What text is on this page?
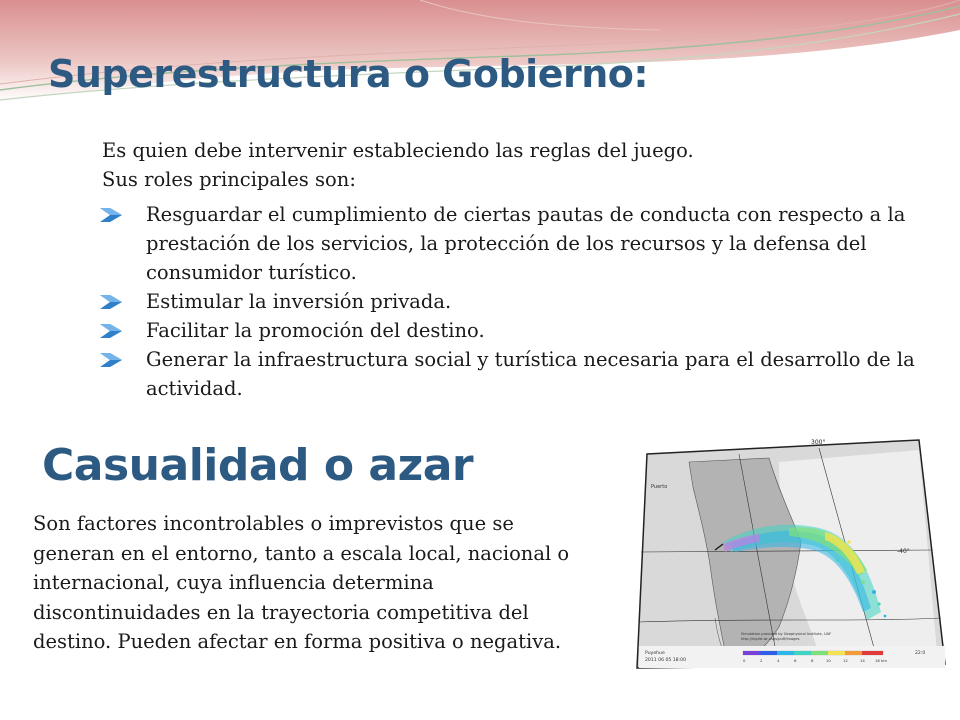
Superestructura o Gobierno:

Es quien debe intervenir estableciendo las reglas del juego.

Sus roles principales son:

Resguardar el cumplimiento de ciertas pautas de conducta con respecto a la prestación de los servicios, la protección de los recursos y la defensa del consumidor turístico.
Estimular la inversión privada.
Facilitar la promoción del destino.
Generar la infraestructura social y turística necesaria para el desarrollo de la actividad.
Casualidad o azar

Son factores incontrolables o imprevistos que se generan en el entorno, tanto a escala local, nacional o internacional, cuya influencia determina discontinuidades en la trayectoria competitiva del destino. Pueden afectar en forma positiva o negativa.

300°
-40°
Puerto
Simulation provided by Geophysical Institute, UAF
http://ingrid.wr.usgs/puff/images
Puyehue
2011 06 05 18:00
22:0
0	2	4	6	8	10	12	14	16 km
